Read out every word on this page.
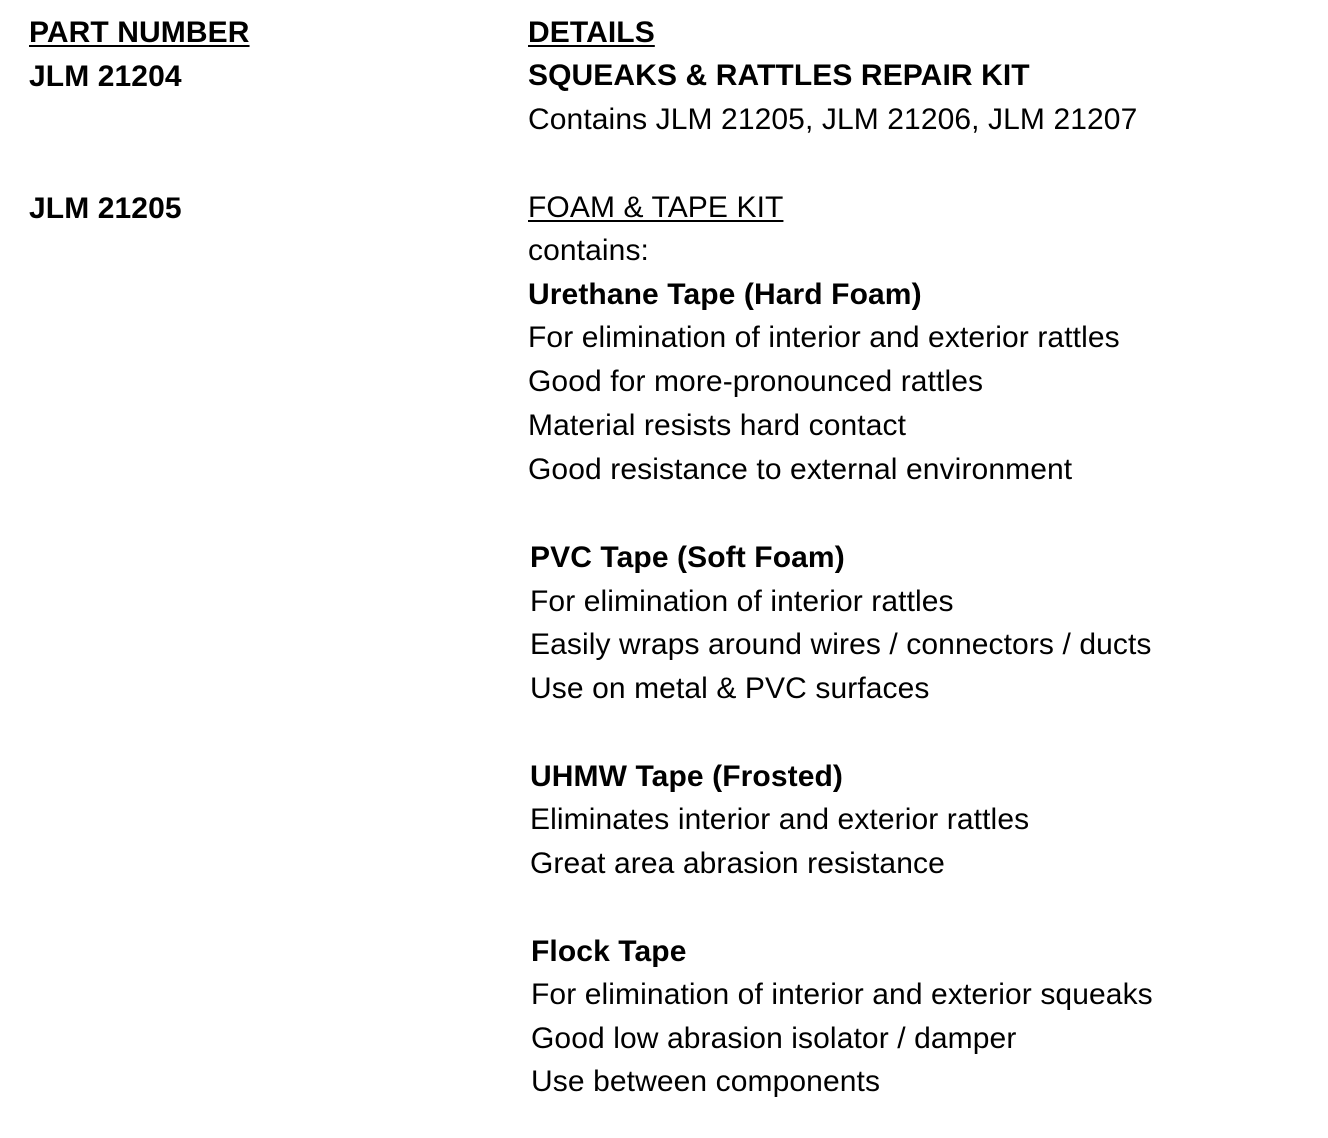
PART NUMBER	DETAILS
JLM 21204	SQUEAKS & RATTLES REPAIR KIT
Contains JLM 21205, JLM 21206, JLM 21207
JLM 21205	FOAM & TAPE KIT
contains:
Urethane Tape (Hard Foam)
For elimination of interior and exterior rattles
Good for more-pronounced rattles
Material resists hard contact
Good resistance to external environment
PVC Tape (Soft Foam)
For elimination of interior rattles
Easily wraps around wires / connectors / ducts
Use on metal & PVC surfaces
UHMW Tape (Frosted)
Eliminates interior and exterior rattles
Great area abrasion resistance
Flock Tape
For elimination of interior and exterior squeaks
Good low abrasion isolator / damper
Use between components
